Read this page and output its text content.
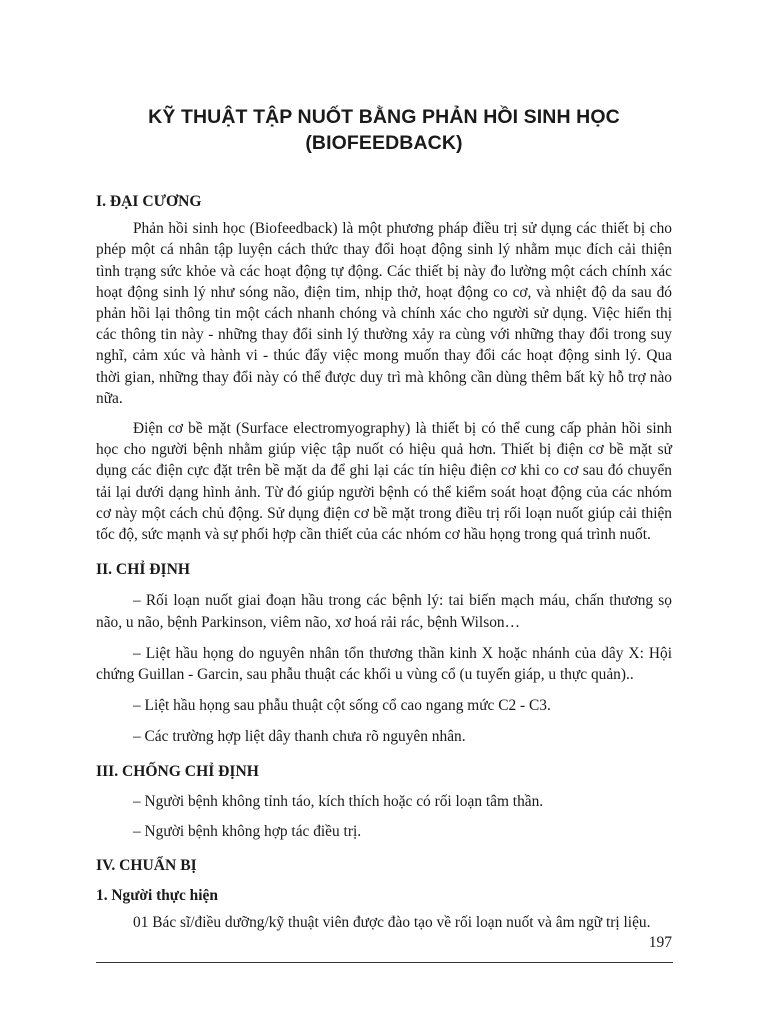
KỸ THUẬT TẬP NUỐT BẰNG PHẢN HỒI SINH HỌC
(BIOFEEDBACK)

I. ĐẠI CƯƠNG

Phản hồi sinh học (Biofeedback) là một phương pháp điều trị sử dụng các thiết bị cho phép một cá nhân tập luyện cách thức thay đổi hoạt động sinh lý nhằm mục đích cải thiện tình trạng sức khỏe và các hoạt động tự động. Các thiết bị này đo lường một cách chính xác hoạt động sinh lý như sóng não, điện tim, nhịp thở, hoạt động co cơ, và nhiệt độ da sau đó phản hồi lại thông tin một cách nhanh chóng và chính xác cho người sử dụng. Việc hiển thị các thông tin này - những thay đổi sinh lý thường xảy ra cùng với những thay đổi trong suy nghĩ, cảm xúc và hành vi - thúc đẩy việc mong muốn thay đổi các hoạt động sinh lý. Qua thời gian, những thay đổi này có thể được duy trì mà không cần dùng thêm bất kỳ hỗ trợ nào nữa.

Điện cơ bề mặt (Surface electromyography) là thiết bị có thể cung cấp phản hồi sinh học cho người bệnh nhằm giúp việc tập nuốt có hiệu quả hơn. Thiết bị điện cơ bề mặt sử dụng các điện cực đặt trên bề mặt da để ghi lại các tín hiệu điện cơ khi co cơ sau đó chuyển tải lại dưới dạng hình ảnh. Từ đó giúp người bệnh có thể kiểm soát hoạt động của các nhóm cơ này một cách chủ động. Sử dụng điện cơ bề mặt trong điều trị rối loạn nuốt giúp cải thiện tốc độ, sức mạnh và sự phối hợp cần thiết của các nhóm cơ hầu họng trong quá trình nuốt.

II. CHỈ ĐỊNH

– Rối loạn nuốt giai đoạn hầu trong các bệnh lý: tai biến mạch máu, chấn thương sọ não, u não, bệnh Parkinson, viêm não, xơ hoá rải rác, bệnh Wilson…

– Liệt hầu họng do nguyên nhân tổn thương thần kinh X hoặc nhánh của dây X: Hội chứng Guillan - Garcin, sau phẫu thuật các khối u vùng cổ (u tuyến giáp, u thực quản)..

– Liệt hầu họng sau phẫu thuật cột sống cổ cao ngang mức C2 - C3.

– Các trường hợp liệt dây thanh chưa rõ nguyên nhân.

III. CHỐNG CHỈ ĐỊNH

– Người bệnh không tỉnh táo, kích thích hoặc có rối loạn tâm thần.

– Người bệnh không hợp tác điều trị.

IV. CHUẨN BỊ

1. Người thực hiện

01 Bác sĩ/điều dưỡng/kỹ thuật viên được đào tạo về rối loạn nuốt và âm ngữ trị liệu.

197
